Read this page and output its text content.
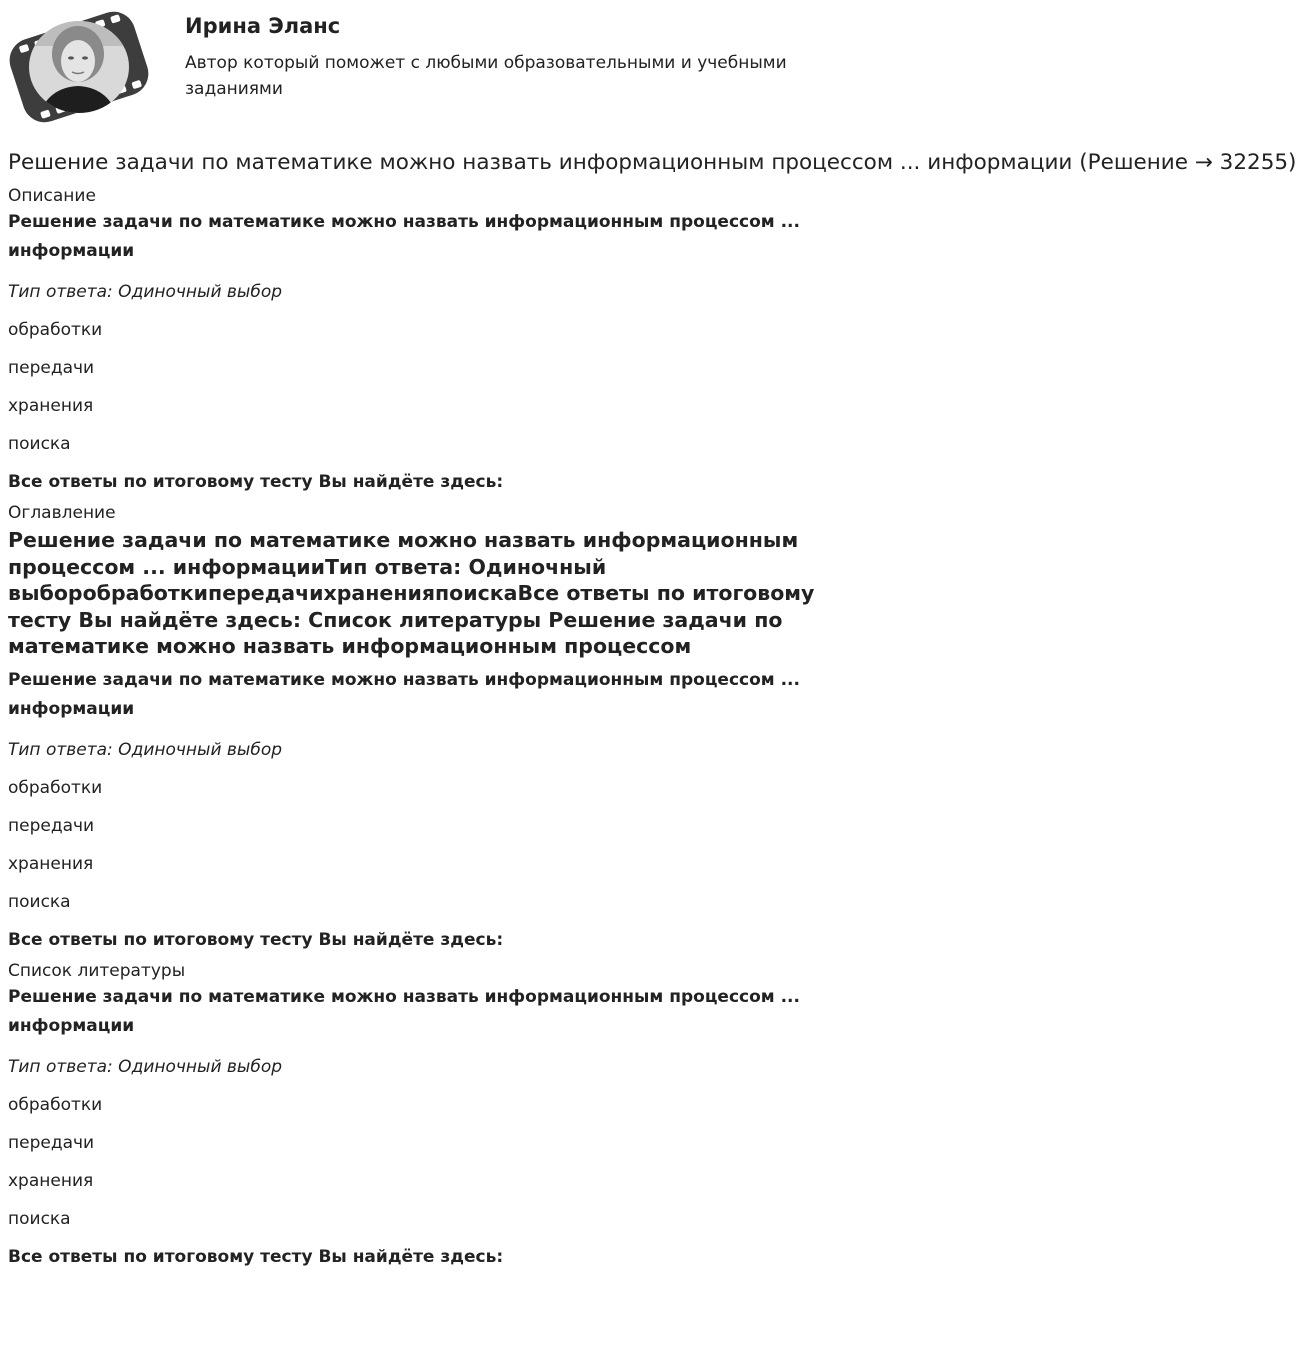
Ирина Эланс

Автор который поможет с любыми образовательными и учебными заданиями

Решение задачи по математике можно назвать информационным процессом ... информации (Решение → 32255)
Описание

Решение задачи по математике можно назвать информационным процессом ... информации

Тип ответа: Одиночный выбор

обработки

передачи

хранения

поиска

Все ответы по итоговому тесту Вы найдёте здесь:

Оглавление
Решение задачи по математике можно назвать информационным процессом ... информацииТип ответа: Одиночный выборобработкипередачихраненияпоискаВсе ответы по итоговому тесту Вы найдёте здесь: Список литературы Решение задачи по математике можно назвать информационным процессом

Решение задачи по математике можно назвать информационным процессом ... информации

Тип ответа: Одиночный выбор

обработки

передачи

хранения

поиска

Все ответы по итоговому тесту Вы найдёте здесь:

Список литературы

Решение задачи по математике можно назвать информационным процессом ... информации

Тип ответа: Одиночный выбор

обработки

передачи

хранения

поиска

Все ответы по итоговому тесту Вы найдёте здесь:
